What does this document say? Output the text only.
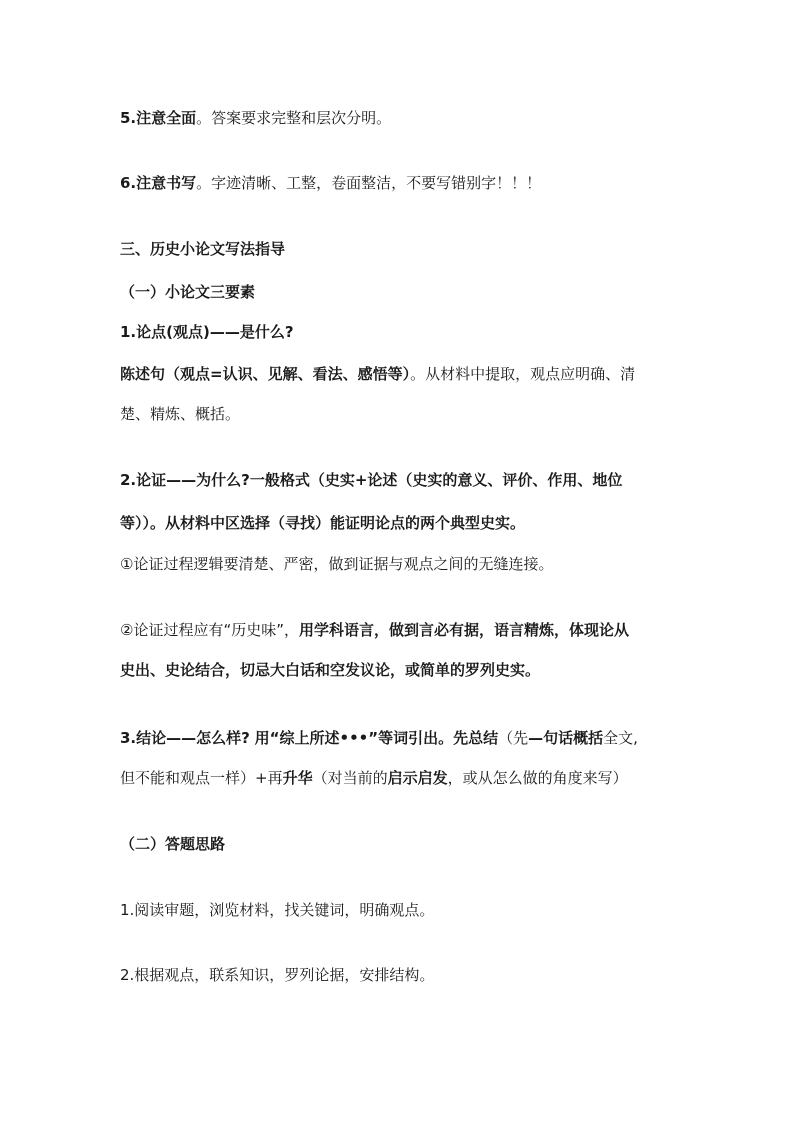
5.注意全面。答案要求完整和层次分明。
6.注意书写。字迹清晰、工整，卷面整洁，不要写错别字！！！
三、历史小论文写法指导
（一）小论文三要素
1.论点(观点)——是什么?
陈述句（观点=认识、见解、看法、感悟等）。从材料中提取，观点应明确、清
楚、精炼、概括。
2.论证——为什么?一般格式（史实+论述（史实的意义、评价、作用、地位
等））。从材料中区选择（寻找）能证明论点的两个典型史实。
①论证过程逻辑要清楚、严密，做到证据与观点之间的无缝连接。
②论证过程应有“历史味”，用学科语言，做到言必有据，语言精炼，体现论从
史出、史论结合，切忌大白话和空发议论，或简单的罗列史实。
3.结论——怎么样? 用“综上所述•••”等词引出。先总结（先—句话概括全文,
但不能和观点一样）+再升华（对当前的启示启发，或从怎么做的角度来写）
（二）答题思路
1.阅读审题，浏览材料，找关键词，明确观点。
2.根据观点，联系知识，罗列论据，安排结构。
